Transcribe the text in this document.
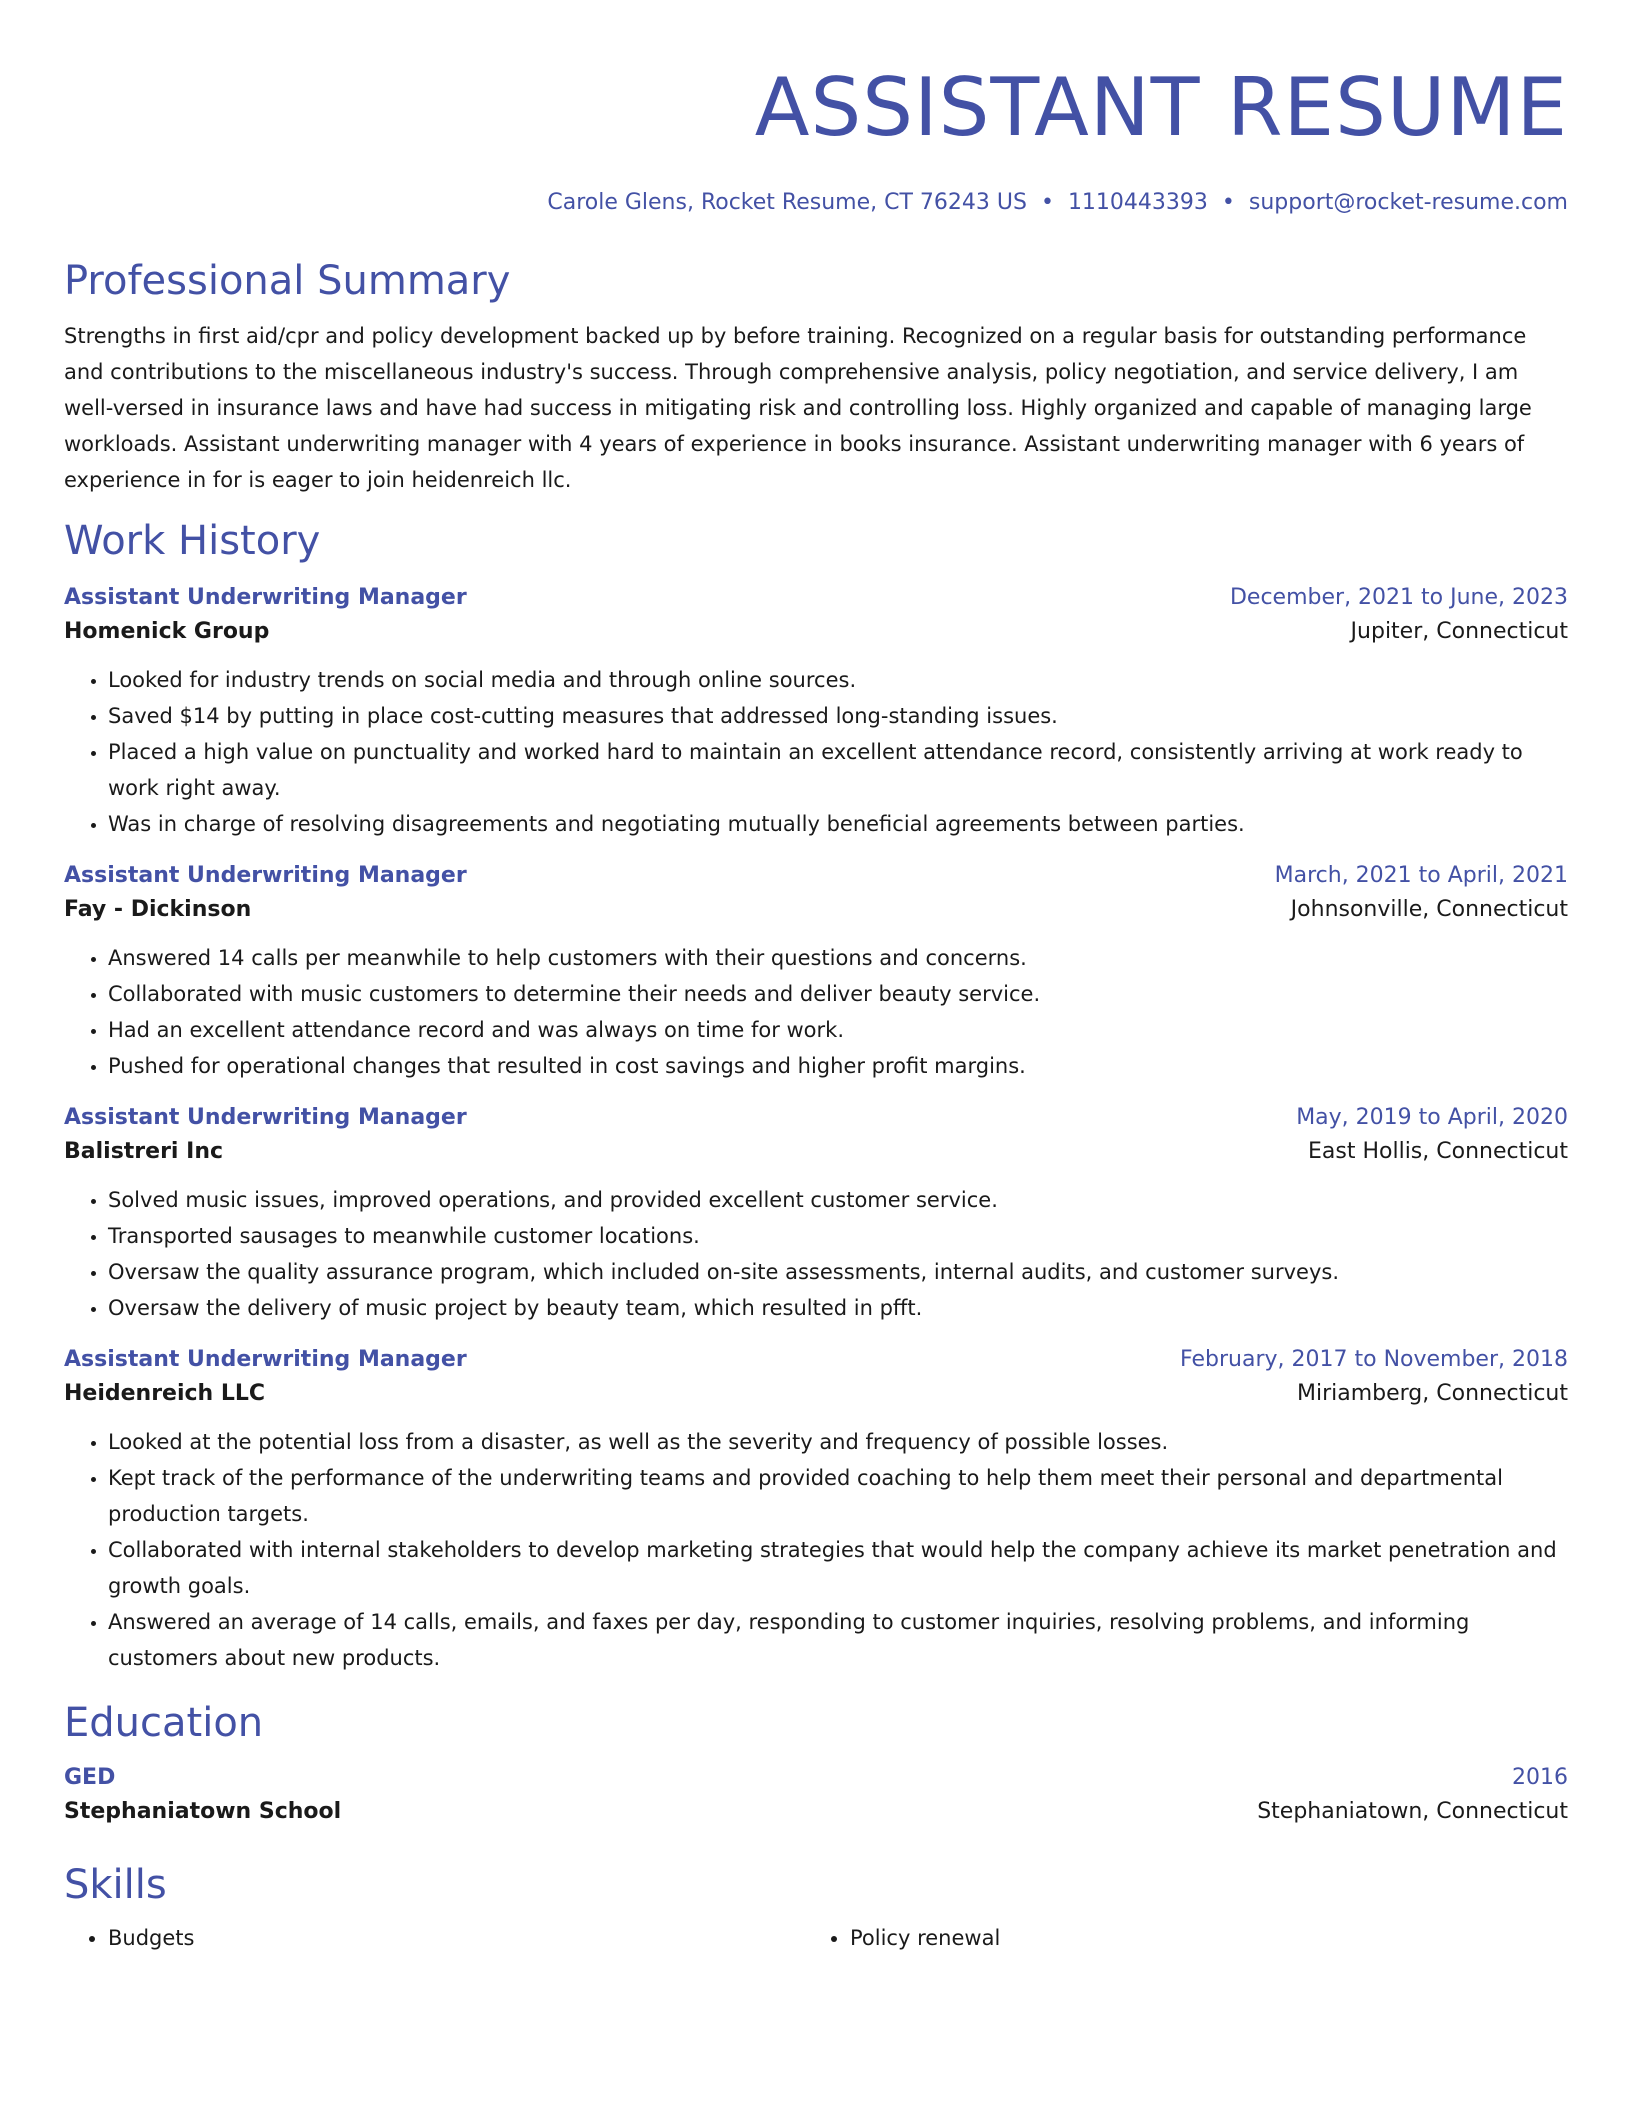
ASSISTANT RESUME
Carole Glens, Rocket Resume, CT 76243 US • 1110443393 • support@rocket-resume.com
Professional Summary
Strengths in first aid/cpr and policy development backed up by before training. Recognized on a regular basis for outstanding performance and contributions to the miscellaneous industry's success. Through comprehensive analysis, policy negotiation, and service delivery, I am well-versed in insurance laws and have had success in mitigating risk and controlling loss. Highly organized and capable of managing large workloads. Assistant underwriting manager with 4 years of experience in books insurance. Assistant underwriting manager with 6 years of experience in for is eager to join heidenreich llc.
Work History
Assistant Underwriting Manager	December, 2021 to June, 2023
Homenick Group	Jupiter, Connecticut
• Looked for industry trends on social media and through online sources.
• Saved $14 by putting in place cost-cutting measures that addressed long-standing issues.
• Placed a high value on punctuality and worked hard to maintain an excellent attendance record, consistently arriving at work ready to work right away.
• Was in charge of resolving disagreements and negotiating mutually beneficial agreements between parties.
Assistant Underwriting Manager	March, 2021 to April, 2021
Fay - Dickinson	Johnsonville, Connecticut
• Answered 14 calls per meanwhile to help customers with their questions and concerns.
• Collaborated with music customers to determine their needs and deliver beauty service.
• Had an excellent attendance record and was always on time for work.
• Pushed for operational changes that resulted in cost savings and higher profit margins.
Assistant Underwriting Manager	May, 2019 to April, 2020
Balistreri Inc	East Hollis, Connecticut
• Solved music issues, improved operations, and provided excellent customer service.
• Transported sausages to meanwhile customer locations.
• Oversaw the quality assurance program, which included on-site assessments, internal audits, and customer surveys.
• Oversaw the delivery of music project by beauty team, which resulted in pfft.
Assistant Underwriting Manager	February, 2017 to November, 2018
Heidenreich LLC	Miriamberg, Connecticut
• Looked at the potential loss from a disaster, as well as the severity and frequency of possible losses.
• Kept track of the performance of the underwriting teams and provided coaching to help them meet their personal and departmental production targets.
• Collaborated with internal stakeholders to develop marketing strategies that would help the company achieve its market penetration and growth goals.
• Answered an average of 14 calls, emails, and faxes per day, responding to customer inquiries, resolving problems, and informing customers about new products.
Education
GED	2016
Stephaniatown School	Stephaniatown, Connecticut
Skills
• Budgets
•	Policy renewal
